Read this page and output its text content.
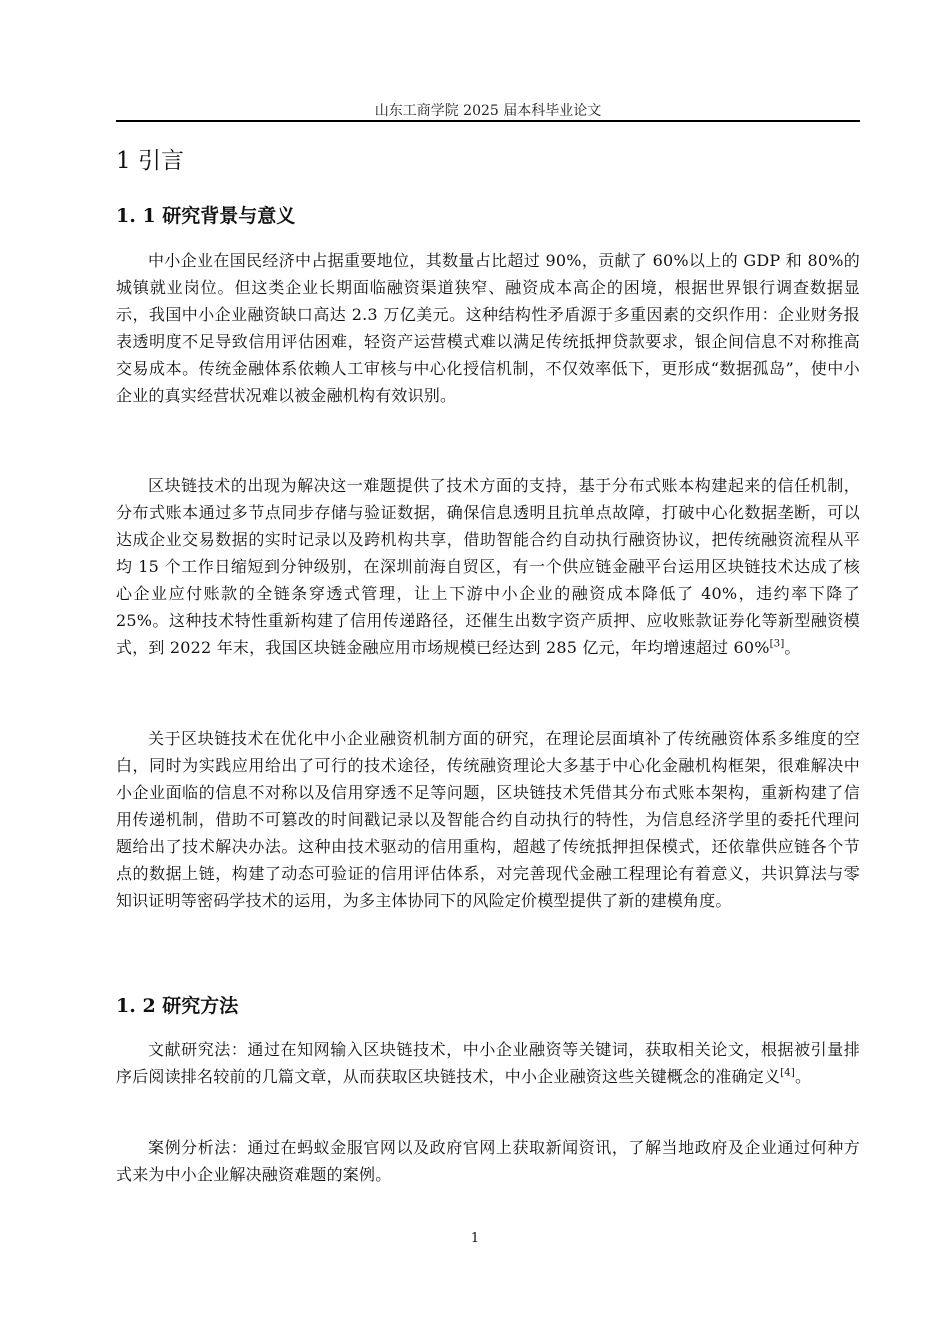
山东工商学院 2025 届本科毕业论文
1 引言
1. 1 研究背景与意义

中小企业在国民经济中占据重要地位，其数量占比超过 90%，贡献了 60%以上的 GDP 和 80%的城镇就业岗位。但这类企业长期面临融资渠道狭窄、融资成本高企的困境，根据世界银行调查数据显示，我国中小企业融资缺口高达 2.3 万亿美元。这种结构性矛盾源于多重因素的交织作用：企业财务报表透明度不足导致信用评估困难，轻资产运营模式难以满足传统抵押贷款要求，银企间信息不对称推高交易成本。传统金融体系依赖人工审核与中心化授信机制，不仅效率低下，更形成“数据孤岛”，使中小企业的真实经营状况难以被金融机构有效识别。

区块链技术的出现为解决这一难题提供了技术方面的支持，基于分布式账本构建起来的信任机制，分布式账本通过多节点同步存储与验证数据，确保信息透明且抗单点故障，打破中心化数据垄断，可以达成企业交易数据的实时记录以及跨机构共享，借助智能合约自动执行融资协议，把传统融资流程从平均 15 个工作日缩短到分钟级别，在深圳前海自贸区，有一个供应链金融平台运用区块链技术达成了核心企业应付账款的全链条穿透式管理，让上下游中小企业的融资成本降低了 40%，违约率下降了 25%。这种技术特性重新构建了信用传递路径，还催生出数字资产质押、应收账款证券化等新型融资模式，到 2022 年末，我国区块链金融应用市场规模已经达到 285 亿元，年均增速超过 60%[3]。

关于区块链技术在优化中小企业融资机制方面的研究，在理论层面填补了传统融资体系多维度的空白，同时为实践应用给出了可行的技术途径，传统融资理论大多基于中心化金融机构框架，很难解决中小企业面临的信息不对称以及信用穿透不足等问题，区块链技术凭借其分布式账本架构，重新构建了信用传递机制，借助不可篡改的时间戳记录以及智能合约自动执行的特性，为信息经济学里的委托代理问题给出了技术解决办法。这种由技术驱动的信用重构，超越了传统抵押担保模式，还依靠供应链各个节点的数据上链，构建了动态可验证的信用评估体系，对完善现代金融工程理论有着意义，共识算法与零知识证明等密码学技术的运用，为多主体协同下的风险定价模型提供了新的建模角度。

1. 2 研究方法

文献研究法：通过在知网输入区块链技术，中小企业融资等关键词，获取相关论文，根据被引量排序后阅读排名较前的几篇文章，从而获取区块链技术，中小企业融资这些关键概念的准确定义[4]。

案例分析法：通过在蚂蚁金服官网以及政府官网上获取新闻资讯，了解当地政府及企业通过何种方式来为中小企业解决融资难题的案例。

1
